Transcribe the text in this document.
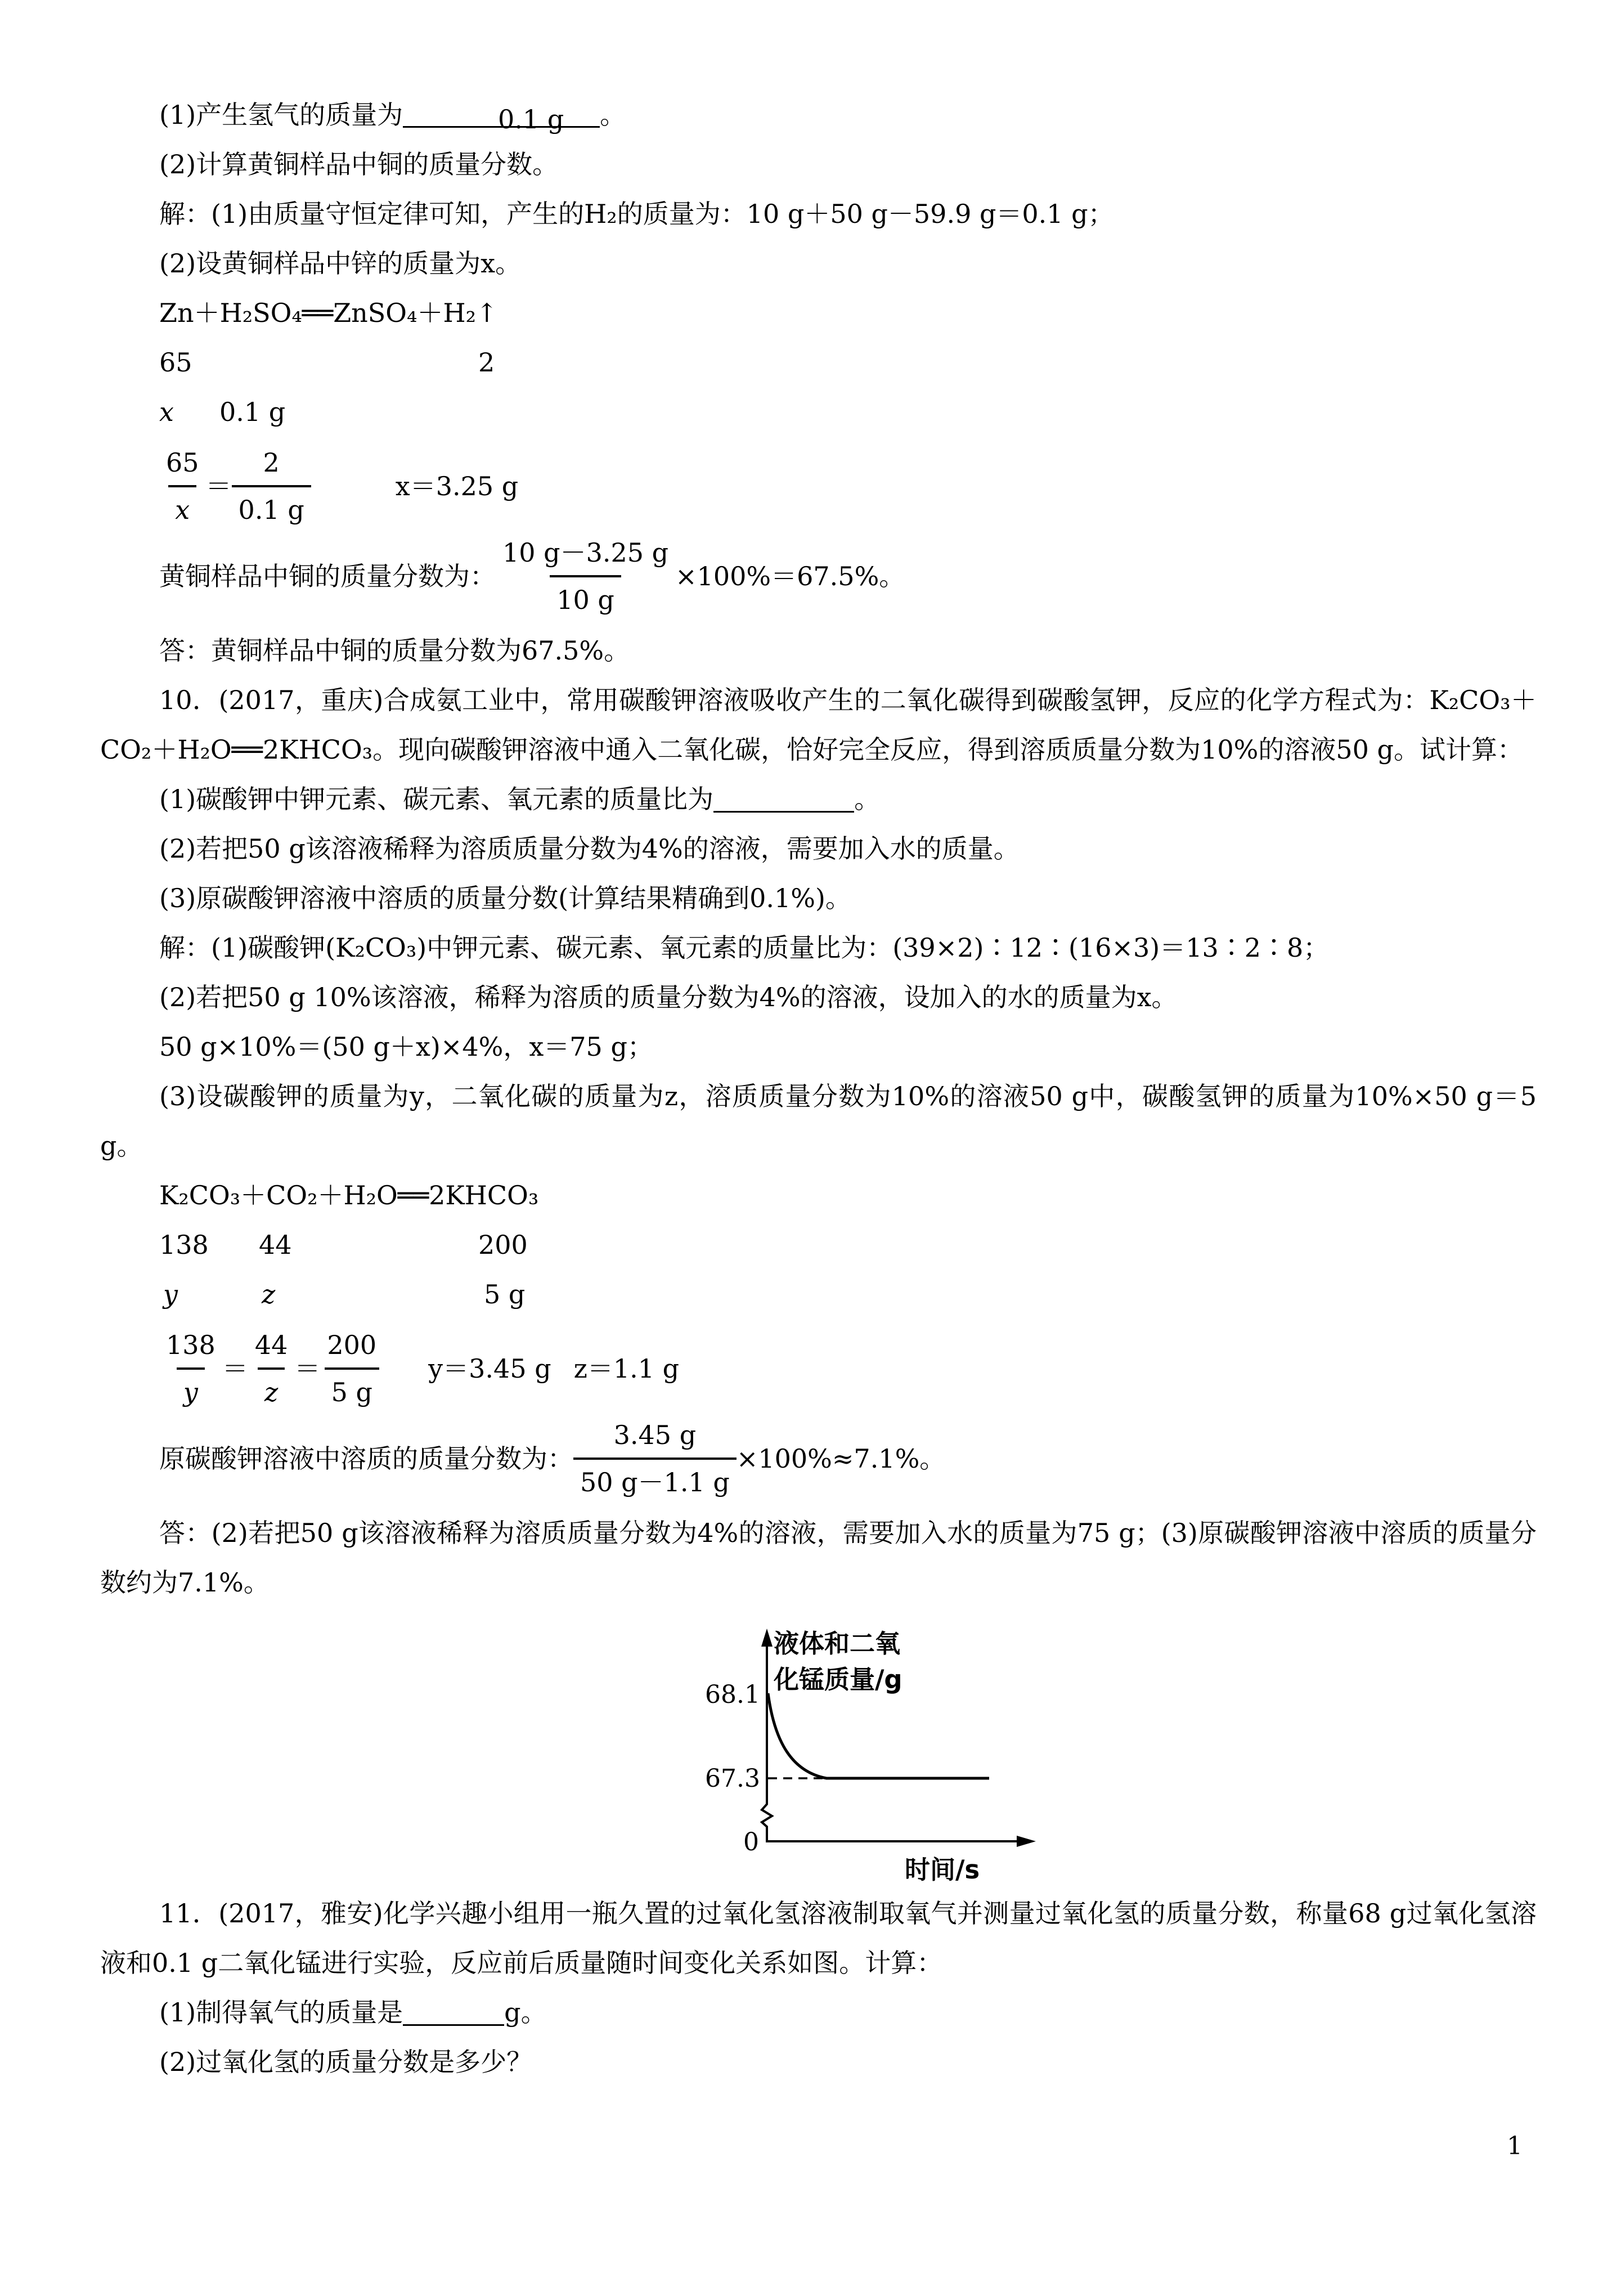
(1)产生氢气的质量为	0.1 g 。

(2)计算黄铜样品中铜的质量分数。

解：(1)由质量守恒定律可知，产生的H₂的质量为：10 g＋50 g－59.9 g＝0.1 g；

(2)设黄铜样品中锌的质量为x。

Zn＋H₂SO₄══ZnSO₄＋H₂↑

65	2
x 0.1 g
$\frac{65}{x} = \frac{2}{0.1 g}$	x＝3.25 g
黄铜样品中铜的质量分数为： $\frac{10 g-3.25 g}{10 g} \times 100\%=67.5\%$。

答：黄铜样品中铜的质量分数为67.5%。

10．(2017，重庆)合成氨工业中，常用碳酸钾溶液吸收产生的二氧化碳得到碳酸氢钾，反应的化学方程式为：K₂CO₃＋CO₂＋H₂O══2KHCO₃。现向碳酸钾溶液中通入二氧化碳，恰好完全反应，得到溶质质量分数为10%的溶液50 g。试计算：

(1)碳酸钾中钾元素、碳元素、氧元素的质量比为	。

(2)若把50 g该溶液稀释为溶质质量分数为4%的溶液，需要加入水的质量。

(3)原碳酸钾溶液中溶质的质量分数(计算结果精确到0.1%)。

解：(1)碳酸钾(K₂CO₃)中钾元素、碳元素、氧元素的质量比为：(39×2)∶12∶(16×3)＝13∶2∶8；

(2)若把50 g 10%该溶液，稀释为溶质的质量分数为4%的溶液，设加入的水的质量为x。

50 g×10%＝(50 g＋x)×4%，x＝75 g；

(3)设碳酸钾的质量为y，二氧化碳的质量为z，溶质质量分数为10%的溶液50 g中，碳酸氢钾的质量为10%×50 g＝5 g。

K₂CO₃＋CO₂＋H₂O══2KHCO₃

138 44	200
y	z	5 g
$\frac{138}{y} = \frac{44}{z} = \frac{200}{5 g} y=3.45$ g z＝1.1 g
原碳酸钾溶液中溶质的质量分数为： $\frac{3.45 g}{50 g-1.1 g} \times 100\%\approx 7.1\%$。

答：(2)若把50 g该溶液稀释为溶质质量分数为4%的溶液，需要加入水的质量为75 g；(3)原碳酸钾溶液中溶质的质量分数约为7.1%。

液体和二氧
化锰质量/g
68.1
67.3
0
时间/s

11．(2017，雅安)化学兴趣小组用一瓶久置的过氧化氢溶液制取氧气并测量过氧化氢的质量分数，称量68 g过氧化氢溶液和0.1 g二氧化锰进行实验，反应前后质量随时间变化关系如图。计算：

(1)制得氧气的质量是	g。

(2)过氧化氢的质量分数是多少？

1
